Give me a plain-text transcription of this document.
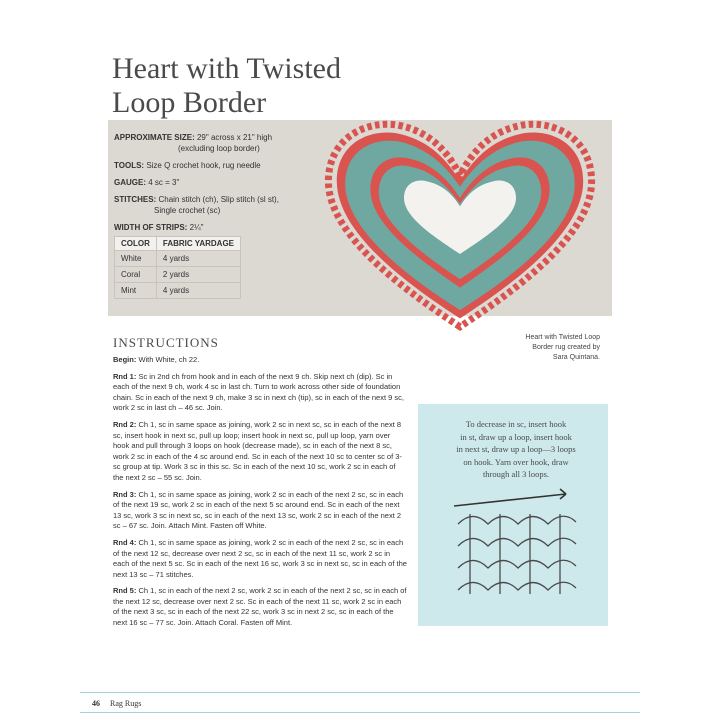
Heart with Twisted
Loop Border
APPROXIMATE SIZE: 29" across x 21" high
(excluding loop border)
TOOLS: Size Q crochet hook, rug needle
GAUGE: 4 sc = 3"
STITCHES: Chain stitch (ch), Slip stitch (sl st),
Single crochet (sc)
WIDTH OF STRIPS: 2¼"
COLOR	FABRIC YARDAGE
White	4 yards
Coral	2 yards
Mint	4 yards
Heart with Twisted Loop
Border rug created by
Sara Quintana.
INSTRUCTIONS

Begin: With White, ch 22.

Rnd 1: Sc in 2nd ch from hook and in each of the next 9 ch. Skip next ch (dip). Sc in each of the next 9 ch, work 4 sc in last ch. Turn to work across other side of foundation chain. Sc in each of the next 9 ch, make 3 sc in next ch (tip), sc in each of the next 9 sc, work 2 sc in last ch – 46 sc. Join.

Rnd 2: Ch 1, sc in same space as joining, work 2 sc in next sc, sc in each of the next 8 sc, insert hook in next sc, pull up loop; insert hook in next sc, pull up loop, yarn over hook and pull through 3 loops on hook (decrease made), sc in each of the next 8 sc, work 2 sc in each of the 4 sc around end. Sc in each of the next 10 sc to center sc of 3-sc group at tip. Work 3 sc in this sc. Sc in each of the next 10 sc, work 2 sc in each of the next 2 sc – 55 sc. Join.

Rnd 3: Ch 1, sc in same space as joining, work 2 sc in each of the next 2 sc, sc in each of the next 19 sc, work 2 sc in each of the next 5 sc around end. Sc in each of the next 13 sc, work 3 sc in next sc, sc in each of the next 13 sc, work 2 sc in each of the next 2 sc – 67 sc. Join. Attach Mint. Fasten off White.

Rnd 4: Ch 1, sc in same space as joining, work 2 sc in each of the next 2 sc, sc in each of the next 12 sc, decrease over next 2 sc, sc in each of the next 11 sc, work 2 sc in each of the next 5 sc. Sc in each of the next 16 sc, work 3 sc in next sc, sc in each of the next 13 sc – 71 stitches.

Rnd 5: Ch 1, sc in each of the next 2 sc, work 2 sc in each of the next 2 sc, sc in each of the next 12 sc, decrease over next 2 sc. Sc in each of the next 11 sc, work 2 sc in each of the next 3 sc, sc in each of the next 22 sc, work 3 sc in next 2 sc, sc in each of the next 16 sc – 77 sc. Join. Attach Coral. Fasten off Mint.

To decrease in sc, insert hook
in st, draw up a loop, insert hook
in next st, draw up a loop—3 loops
on hook. Yarn over hook, draw
through all 3 loops.
46 Rag Rugs
